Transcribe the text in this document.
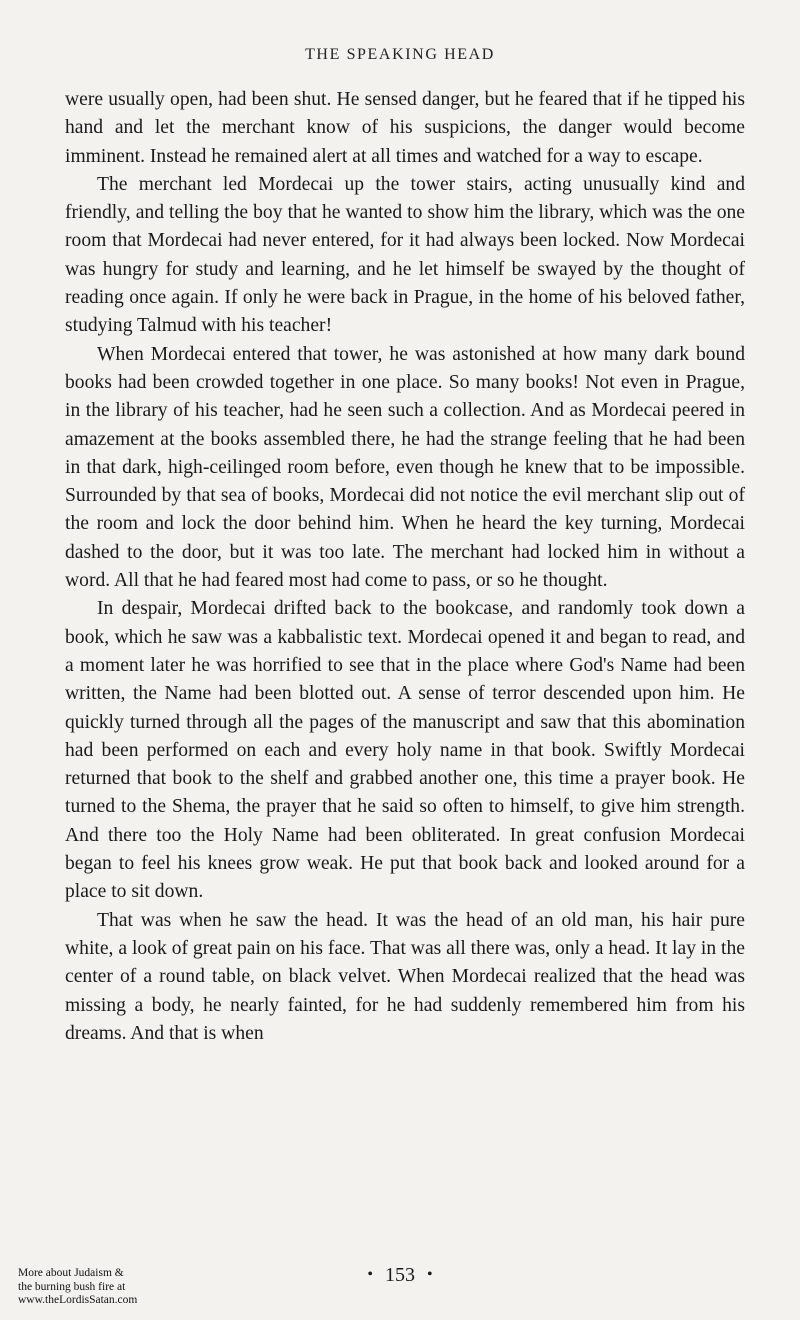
THE SPEAKING HEAD

were usually open, had been shut. He sensed danger, but he feared that if he tipped his hand and let the merchant know of his suspicions, the danger would become imminent. Instead he remained alert at all times and watched for a way to escape.

The merchant led Mordecai up the tower stairs, acting unusually kind and friendly, and telling the boy that he wanted to show him the library, which was the one room that Mordecai had never entered, for it had always been locked. Now Mordecai was hungry for study and learning, and he let himself be swayed by the thought of reading once again. If only he were back in Prague, in the home of his beloved father, studying Talmud with his teacher!

When Mordecai entered that tower, he was astonished at how many dark bound books had been crowded together in one place. So many books! Not even in Prague, in the library of his teacher, had he seen such a collection. And as Mordecai peered in amazement at the books assembled there, he had the strange feeling that he had been in that dark, high-ceilinged room before, even though he knew that to be impossible. Surrounded by that sea of books, Mordecai did not notice the evil merchant slip out of the room and lock the door behind him. When he heard the key turning, Mordecai dashed to the door, but it was too late. The merchant had locked him in without a word. All that he had feared most had come to pass, or so he thought.

In despair, Mordecai drifted back to the bookcase, and randomly took down a book, which he saw was a kabbalistic text. Mordecai opened it and began to read, and a moment later he was horrified to see that in the place where God's Name had been written, the Name had been blotted out. A sense of terror descended upon him. He quickly turned through all the pages of the manuscript and saw that this abomination had been performed on each and every holy name in that book. Swiftly Mordecai returned that book to the shelf and grabbed another one, this time a prayer book. He turned to the Shema, the prayer that he said so often to himself, to give him strength. And there too the Holy Name had been obliterated. In great confusion Mordecai began to feel his knees grow weak. He put that book back and looked around for a place to sit down.

That was when he saw the head. It was the head of an old man, his hair pure white, a look of great pain on his face. That was all there was, only a head. It lay in the center of a round table, on black velvet. When Mordecai realized that the head was missing a body, he nearly fainted, for he had suddenly remembered him from his dreams. And that is when

• 153 •
More about Judaism &
the burning bush fire at
www.theLordisSatan.com
